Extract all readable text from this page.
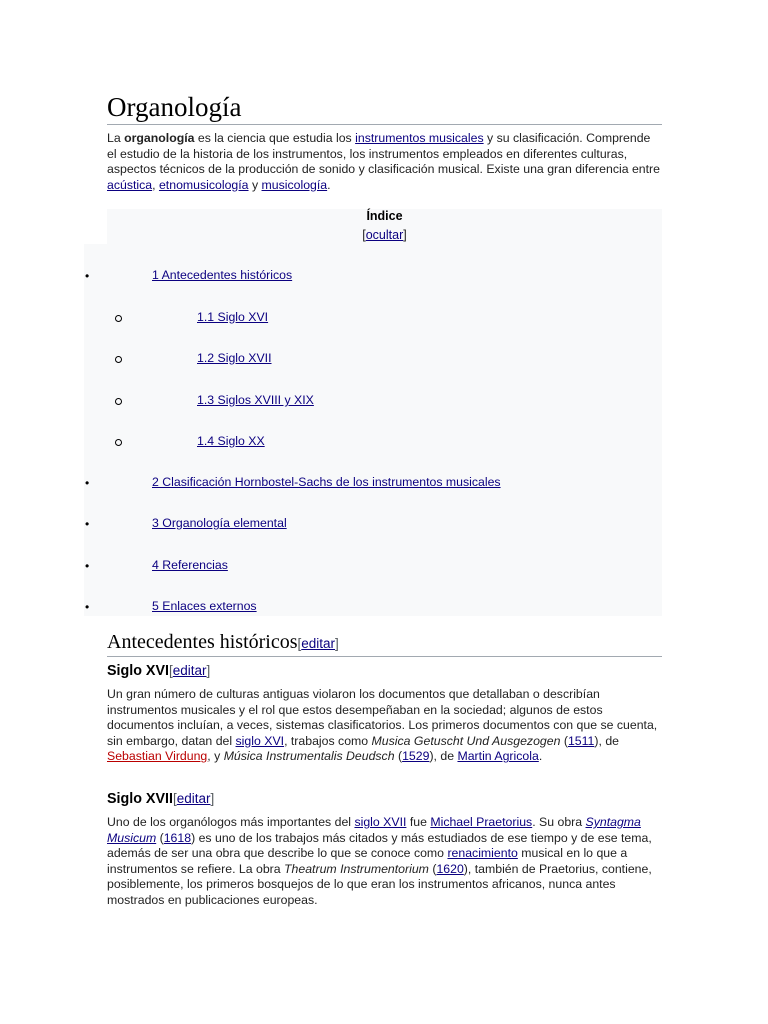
Organología
La organología es la ciencia que estudia los instrumentos musicales y su clasificación. Comprende el estudio de la historia de los instrumentos, los instrumentos empleados en diferentes culturas, aspectos técnicos de la producción de sonido y clasificación musical. Existe una gran diferencia entre acústica, etnomusicología y musicología.
Índice
[ocultar]
•	1 Antecedentes históricos
1.1 Siglo XVI
1.2 Siglo XVII
1.3 Siglos XVIII y XIX
1.4 Siglo XX
•	2 Clasificación Hornbostel-Sachs de los instrumentos musicales
•	3 Organología elemental
•	4 Referencias
•	5 Enlaces externos
Antecedentes históricos[editar]
Siglo XVI[editar]
Un gran número de culturas antiguas violaron los documentos que detallaban o describían instrumentos musicales y el rol que estos desempeñaban en la sociedad; algunos de estos documentos incluían, a veces, sistemas clasificatorios. Los primeros documentos con que se cuenta, sin embargo, datan del siglo XVI, trabajos como Musica Getuscht Und Ausgezogen (1511), de Sebastian Virdung, y Música Instrumentalis Deudsch (1529), de Martin Agricola.
Siglo XVII[editar]
Uno de los organólogos más importantes del siglo XVII fue Michael Praetorius. Su obra Syntagma Musicum (1618) es uno de los trabajos más citados y más estudiados de ese tiempo y de ese tema, además de ser una obra que describe lo que se conoce como renacimiento musical en lo que a instrumentos se refiere. La obra Theatrum Instrumentorium (1620), también de Praetorius, contiene, posiblemente, los primeros bosquejos de lo que eran los instrumentos africanos, nunca antes mostrados en publicaciones europeas.
